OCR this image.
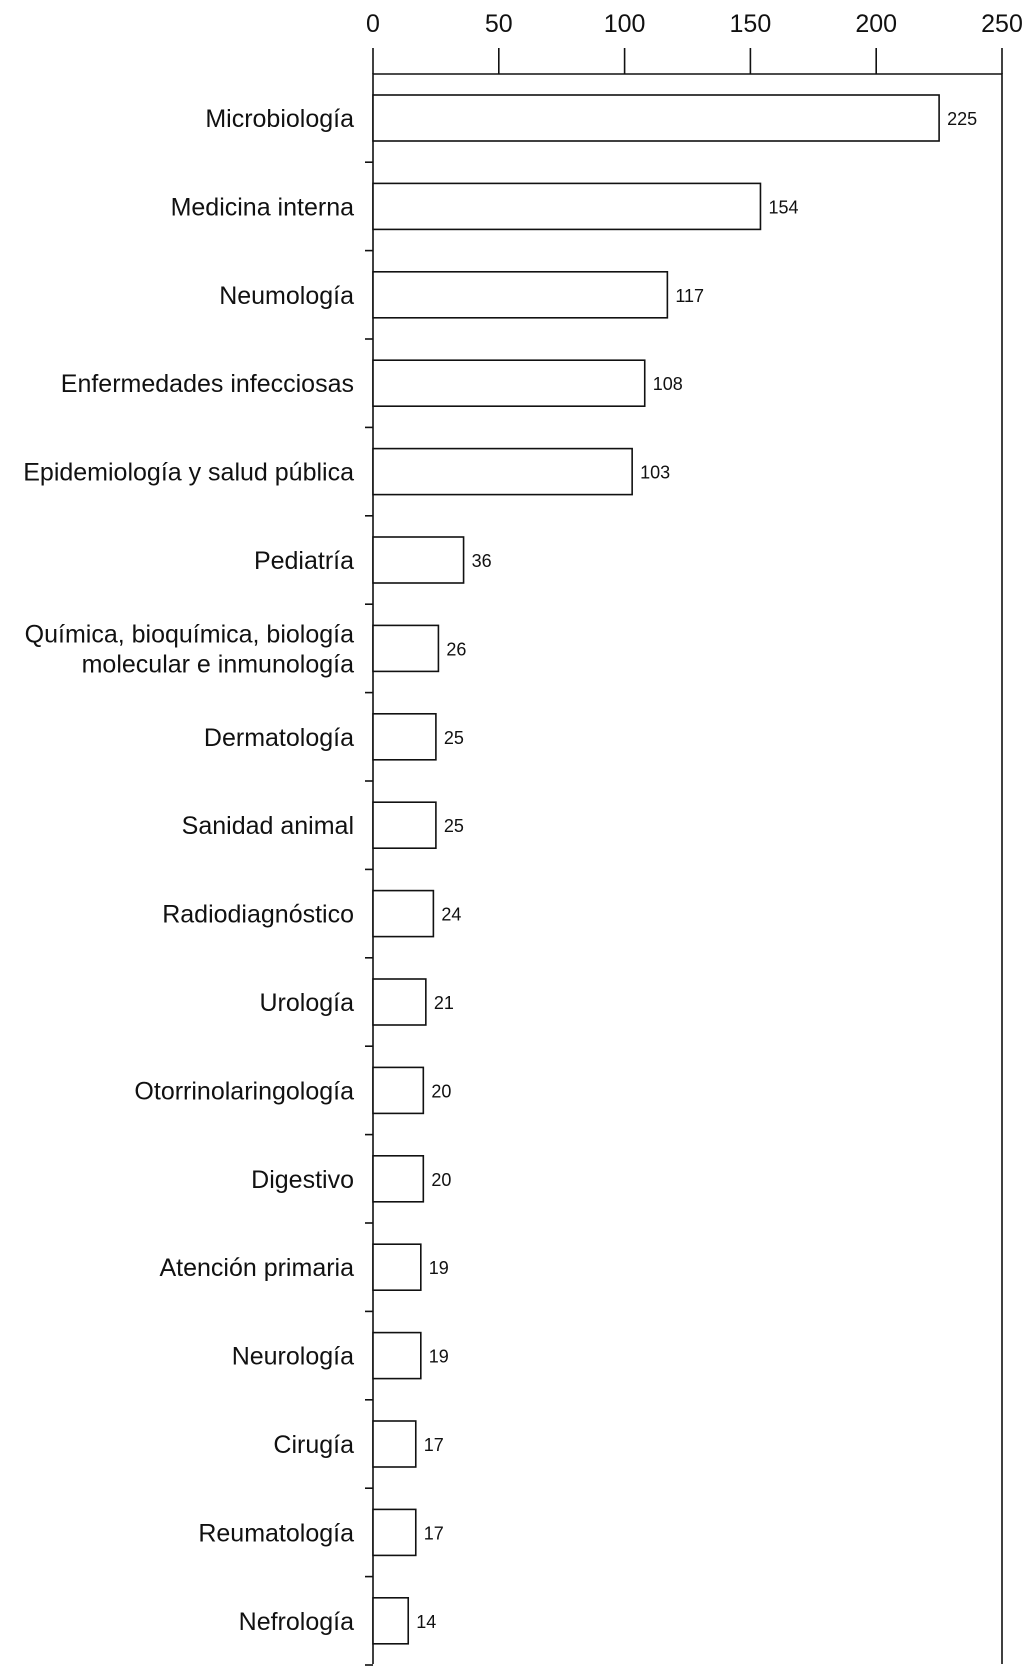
0	50	100	150	200	250
225
Microbiología
154
Medicina interna
117
Neumología
108
Enfermedades infecciosas
103
Epidemiología y salud pública
36
Pediatría
26
Química, bioquímica, biología molecular e inmunología
25
Dermatología
25
Sanidad animal
24
Radiodiagnóstico
21
Urología
20
Otorrinolaringología
20
Digestivo
19
Atención primaria
19
Neurología
17
Cirugía
17
Reumatología
14
Nefrología
